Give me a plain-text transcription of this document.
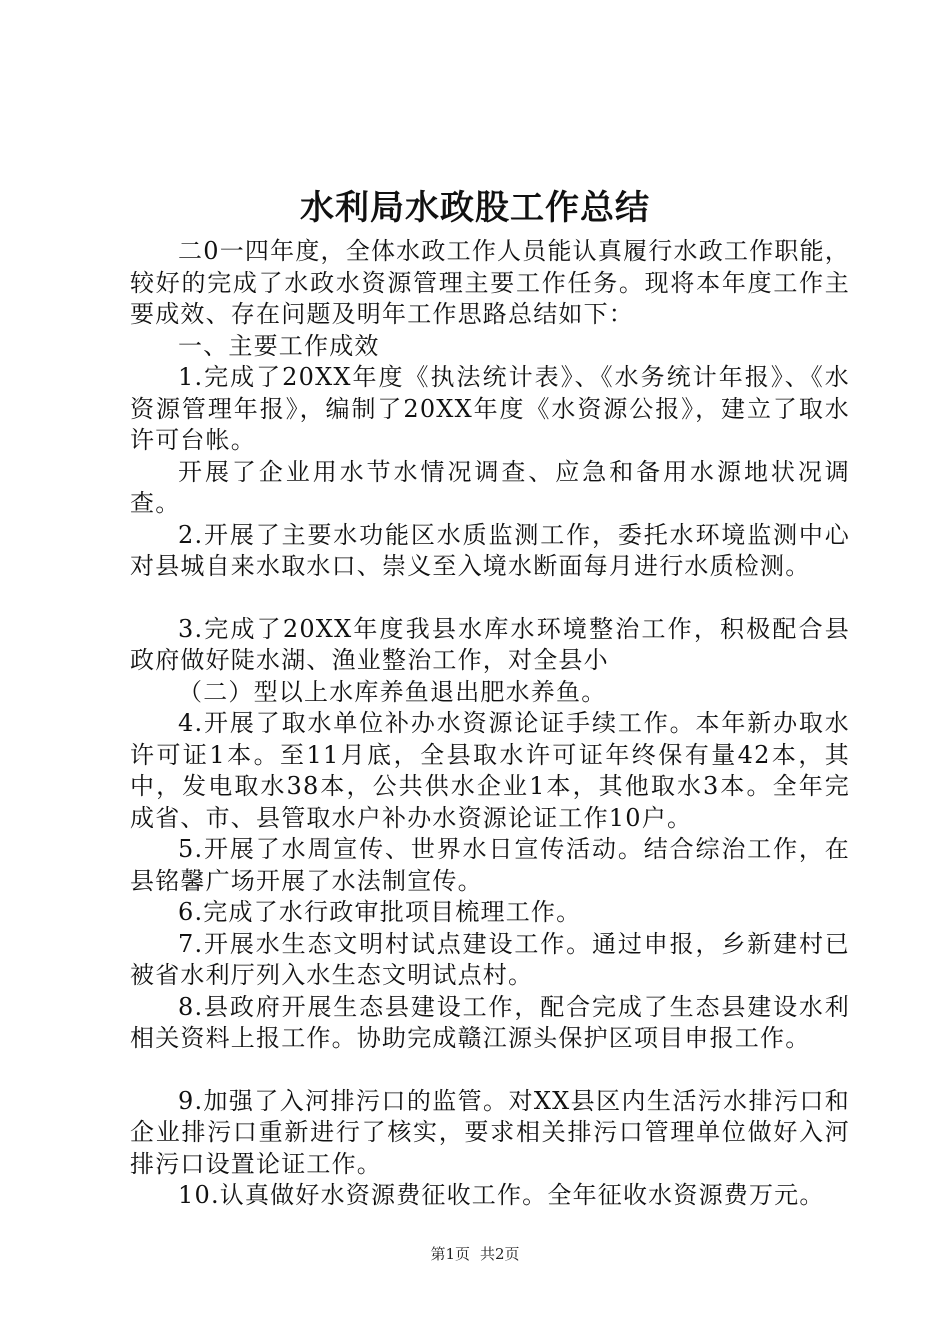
水利局水政股工作总结

二0一四年度，全体水政工作人员能认真履行水政工作职能，较好的完成了水政水资源管理主要工作任务。现将本年度工作主要成效、存在问题及明年工作思路总结如下：

一、主要工作成效

1.完成了20XX年度《执法统计表》、《水务统计年报》、《水资源管理年报》，编制了20XX年度《水资源公报》，建立了取水许可台帐。

开展了企业用水节水情况调查、应急和备用水源地状况调查。

2.开展了主要水功能区水质监测工作，委托水环境监测中心对县城自来水取水口、崇义至入境水断面每月进行水质检测。

3.完成了20XX年度我县水库水环境整治工作，积极配合县政府做好陡水湖、渔业整治工作，对全县小

（二）型以上水库养鱼退出肥水养鱼。

4.开展了取水单位补办水资源论证手续工作。本年新办取水许可证1本。至11月底，全县取水许可证年终保有量42本，其中，发电取水38本，公共供水企业1本，其他取水3本。全年完成省、市、县管取水户补办水资源论证工作10户。

5.开展了水周宣传、世界水日宣传活动。结合综治工作，在县铭馨广场开展了水法制宣传。

6.完成了水行政审批项目梳理工作。

7.开展水生态文明村试点建设工作。通过申报，乡新建村已被省水利厅列入水生态文明试点村。

8.县政府开展生态县建设工作，配合完成了生态县建设水利相关资料上报工作。协助完成赣江源头保护区项目申报工作。

9.加强了入河排污口的监管。对XX县区内生活污水排污口和企业排污口重新进行了核实，要求相关排污口管理单位做好入河排污口设置论证工作。

10.认真做好水资源费征收工作。全年征收水资源费万元。

第1页 共2页
